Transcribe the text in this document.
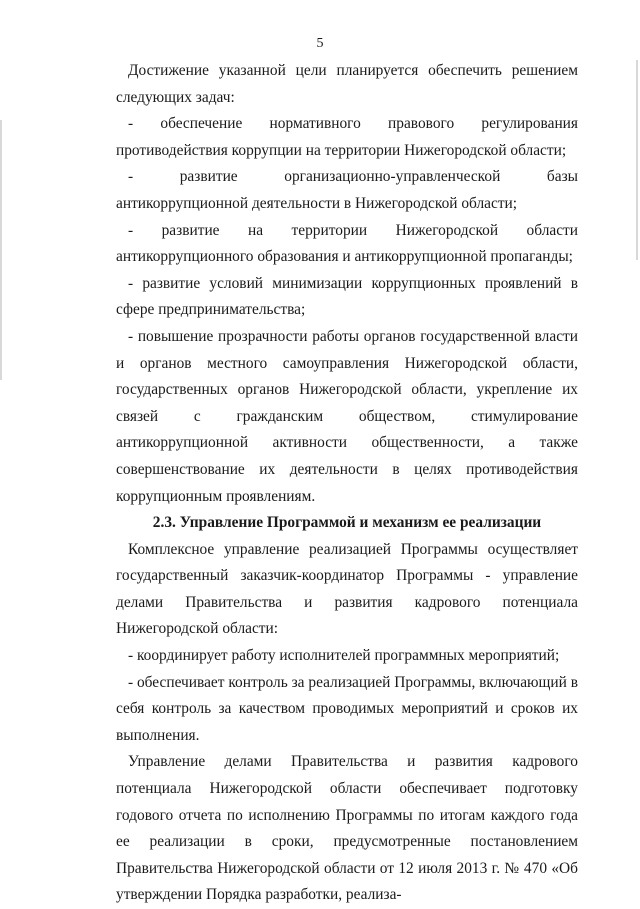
5

Достижение указанной цели планируется обеспечить решением следующих задач:

- обеспечение нормативного правового регулирования противодействия коррупции на территории Нижегородской области;

- развитие организационно-управленческой базы антикоррупционной деятельности в Нижегородской области;

- развитие на территории Нижегородской области антикоррупционного образования и антикоррупционной пропаганды;

- развитие условий минимизации коррупционных проявлений в сфере предпринимательства;

- повышение прозрачности работы органов государственной власти и органов местного самоуправления Нижегородской области, государственных органов Нижегородской области, укрепление их связей с гражданским обществом, стимулирование антикоррупционной активности общественности, а также совершенствование их деятельности в целях противодействия коррупционным проявлениям.

2.3. Управление Программой и механизм ее реализации

Комплексное управление реализацией Программы осуществляет государственный заказчик-координатор Программы - управление делами Правительства и развития кадрового потенциала Нижегородской области:

- координирует работу исполнителей программных мероприятий;

- обеспечивает контроль за реализацией Программы, включающий в себя контроль за качеством проводимых мероприятий и сроков их выполнения.

Управление делами Правительства и развития кадрового потенциала Нижегородской области обеспечивает подготовку годового отчета по исполнению Программы по итогам каждого года ее реализации в сроки, предусмотренные постановлением Правительства Нижегородской области от 12 июля 2013 г. № 470 «Об утверждении Порядка разработки, реализа-
